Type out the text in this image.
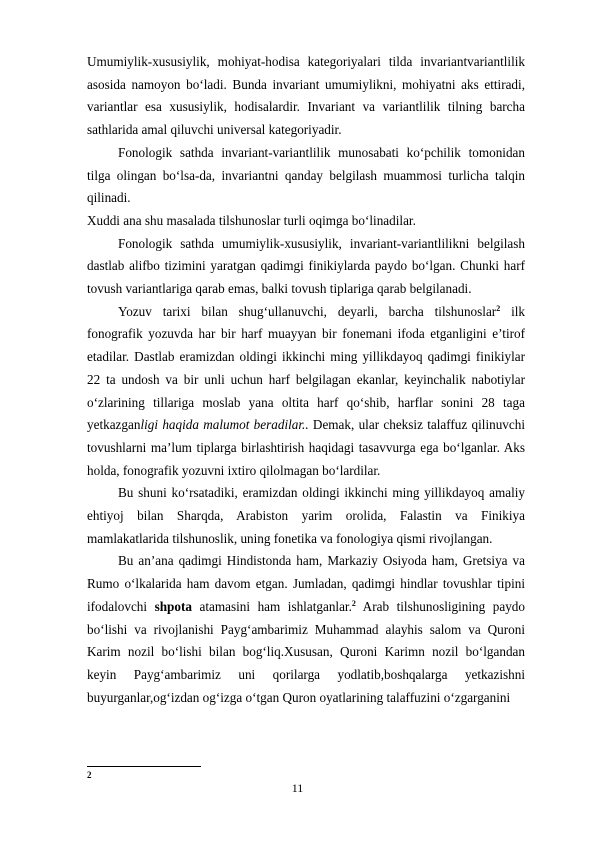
Umumiylik-xususiylik, mohiyat-hodisa kategoriyalari tilda invariantvariantlilik asosida namoyon bo‘ladi. Bunda invariant umumiylikni, mohiyatni aks ettiradi, variantlar esa xususiylik, hodisalardir. Invariant va variantlilik tilning barcha sathlarida amal qiluvchi universal kategoriyadir.

Fonologik sathda invariant-variantlilik munosabati ko‘pchilik tomonidan tilga olingan bo‘lsa-da, invariantni qanday belgilash muammosi turlicha talqin qilinadi.

Xuddi ana shu masalada tilshunoslar turli oqimga bo‘linadilar.

Fonologik sathda umumiylik-xususiylik, invariant-variantlilikni belgilash dastlab alifbo tizimini yaratgan qadimgi finikiylarda paydo bo‘lgan. Chunki harf tovush variantlariga qarab emas, balki tovush tiplariga qarab belgilanadi.

Yozuv tarixi bilan shug‘ullanuvchi, deyarli, barcha tilshunoslar$^2$ ilk fonografik yozuvda har bir harf muayyan bir fonemani ifoda etganligini e’tirof etadilar. Dastlab eramizdan oldingi ikkinchi ming yillikdayoq qadimgi finikiylar 22 ta undosh va bir unli uchun harf belgilagan ekanlar, keyinchalik nabotiylar o‘zlarining tillariga moslab yana oltita harf qo‘shib, harflar sonini 28 taga yetkazganligi haqida malumot beradilar.. Demak, ular cheksiz talaffuz qilinuvchi tovushlarni ma’lum tiplarga birlashtirish haqidagi tasavvurga ega bo‘lganlar. Aks holda, fonografik yozuvni ixtiro qilolmagan bo‘lardilar.

Bu shuni ko‘rsatadiki, eramizdan oldingi ikkinchi ming yillikdayoq amaliy ehtiyoj bilan Sharqda, Arabiston yarim orolida, Falastin va Finikiya mamlakatlarida tilshunoslik, uning fonetika va fonologiya qismi rivojlangan.

Bu an’ana qadimgi Hindistonda ham, Markaziy Osiyoda ham, Gretsiya va Rumo o‘lkalarida ham davom etgan. Jumladan, qadimgi hindlar tovushlar tipini ifodalovchi shpota atamasini ham ishlatganlar.$^2$ Arab tilshunosligining paydo bo‘lishi va rivojlanishi Payg‘ambarimiz Muhammad alayhis salom va Quroni Karim nozil bo‘lishi bilan bog‘liq.Xususan, Quroni Karimn nozil bo‘lgandan keyin Payg‘ambarimiz uni qorilarga yodlatib,boshqalarga yetkazishni buyurganlar,og‘izdan og‘izga o‘tgan Quron oyatlarining talaffuzini o‘zgarganini

2
11
